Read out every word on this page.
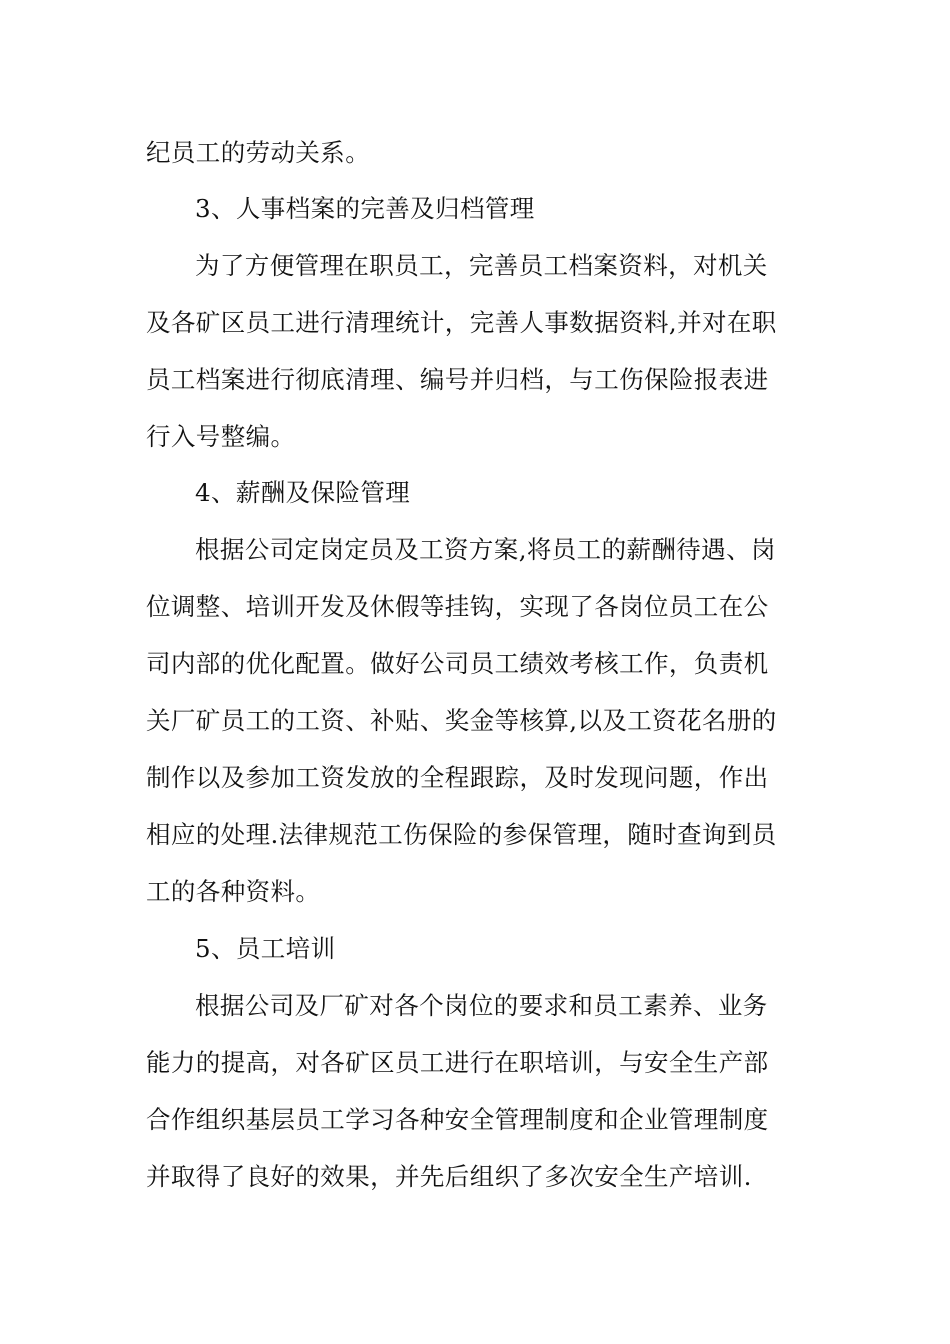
纪员工的劳动关系。
3、人事档案的完善及归档管理
为了方便管理在职员工，完善员工档案资料，对机关
及各矿区员工进行清理统计，完善人事数据资料,并对在职
员工档案进行彻底清理、编号并归档，与工伤保险报表进
行入号整编。
4、薪酬及保险管理
根据公司定岗定员及工资方案,将员工的薪酬待遇、岗
位调整、培训开发及休假等挂钩，实现了各岗位员工在公
司内部的优化配置。做好公司员工绩效考核工作，负责机
关厂矿员工的工资、补贴、奖金等核算,以及工资花名册的
制作以及参加工资发放的全程跟踪，及时发现问题，作出
相应的处理.法律规范工伤保险的参保管理，随时查询到员
工的各种资料。
5、员工培训
根据公司及厂矿对各个岗位的要求和员工素养、业务
能力的提高，对各矿区员工进行在职培训，与安全生产部
合作组织基层员工学习各种安全管理制度和企业管理制度
并取得了良好的效果，并先后组织了多次安全生产培训.
